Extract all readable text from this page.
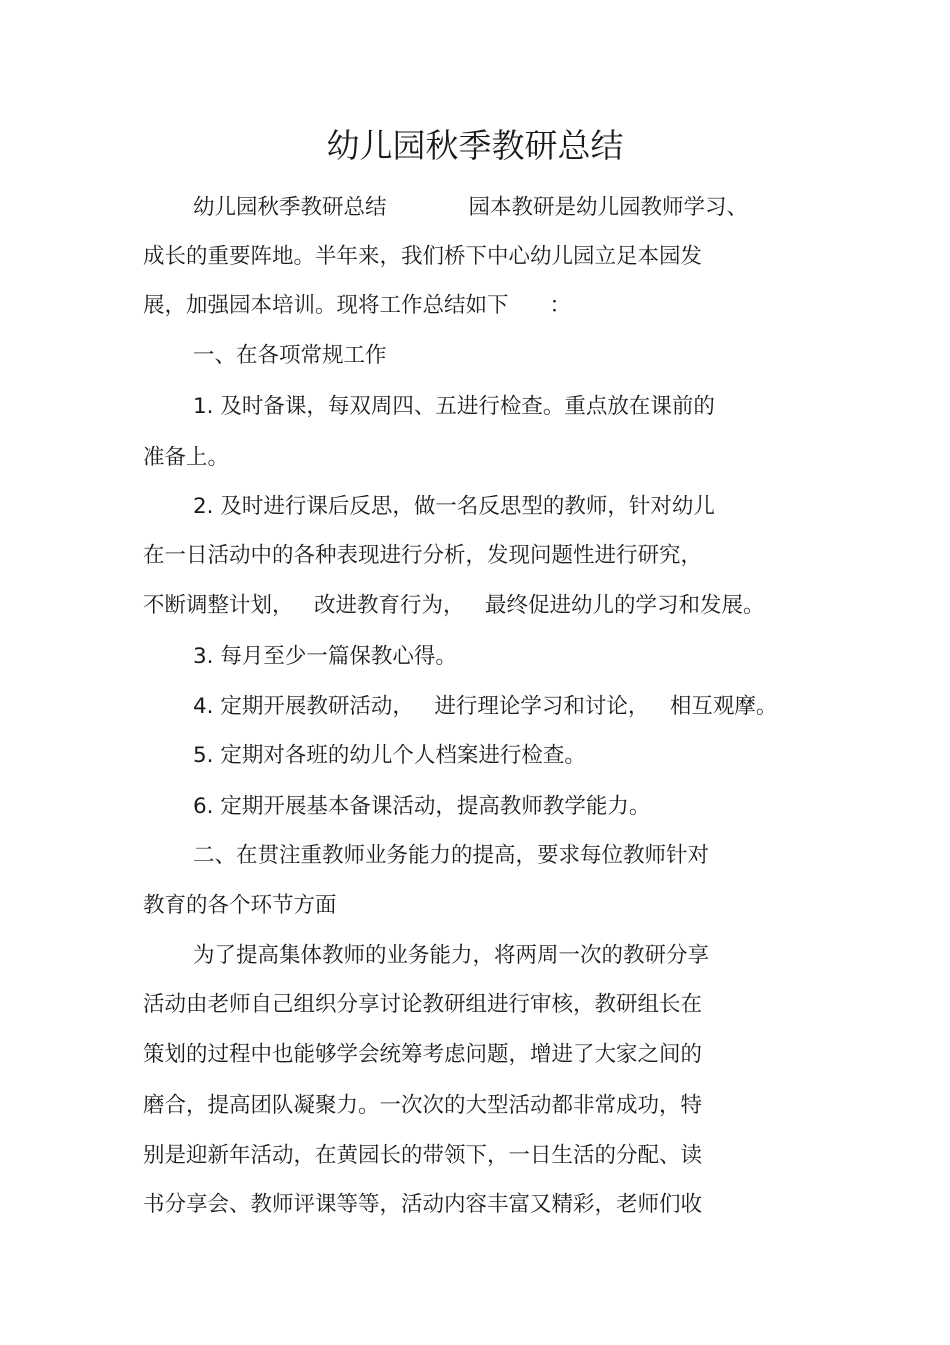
幼儿园秋季教研总结
幼儿园秋季教研总结            园本教研是幼儿园教师学习、
成长的重要阵地。半年来，我们桥下中心幼儿园立足本园发
展，加强园本培训。现将工作总结如下      ：
一、在各项常规工作
1. 及时备课，每双周四、五进行检查。重点放在课前的
准备上。
2. 及时进行课后反思，做一名反思型的教师，针对幼儿
在一日活动中的各种表现进行分析，发现问题性进行研究，
不断调整计划，   改进教育行为，   最终促进幼儿的学习和发展。
3. 每月至少一篇保教心得。
4. 定期开展教研活动，   进行理论学习和讨论，   相互观摩。
5. 定期对各班的幼儿个人档案进行检查。
6. 定期开展基本备课活动，提高教师教学能力。
二、在贯注重教师业务能力的提高，要求每位教师针对
教育的各个环节方面
为了提高集体教师的业务能力，将两周一次的教研分享
活动由老师自己组织分享讨论教研组进行审核，教研组长在
策划的过程中也能够学会统筹考虑问题，增进了大家之间的
磨合，提高团队凝聚力。一次次的大型活动都非常成功，特
别是迎新年活动，在黄园长的带领下，一日生活的分配、读
书分享会、教师评课等等，活动内容丰富又精彩，老师们收
